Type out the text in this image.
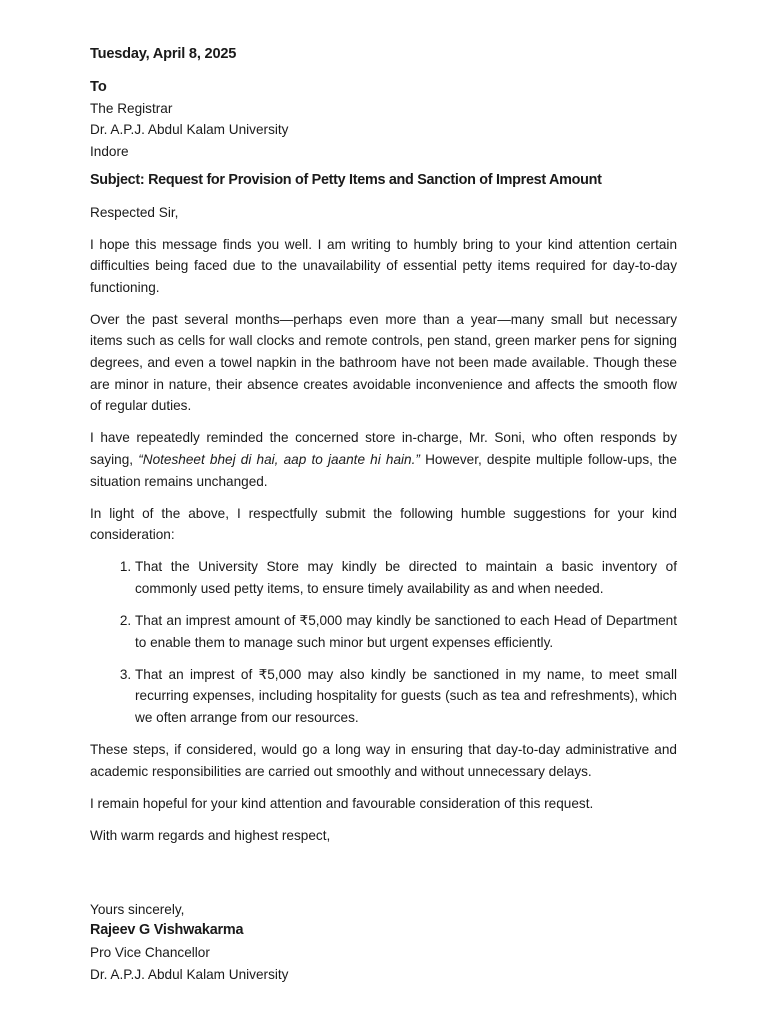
Tuesday, April 8, 2025
To

The Registrar

Dr. A.P.J. Abdul Kalam University

Indore

Subject: Request for Provision of Petty Items and Sanction of Imprest Amount
Respected Sir,

I hope this message finds you well. I am writing to humbly bring to your kind attention certain difficulties being faced due to the unavailability of essential petty items required for day-to-day functioning.

Over the past several months—perhaps even more than a year—many small but necessary items such as cells for wall clocks and remote controls, pen stand, green marker pens for signing degrees, and even a towel napkin in the bathroom have not been made available. Though these are minor in nature, their absence creates avoidable inconvenience and affects the smooth flow of regular duties.

I have repeatedly reminded the concerned store in-charge, Mr. Soni, who often responds by saying, “Notesheet bhej di hai, aap to jaante hi hain.” However, despite multiple follow-ups, the situation remains unchanged.

In light of the above, I respectfully submit the following humble suggestions for your kind consideration:

1. That the University Store may kindly be directed to maintain a basic inventory of commonly used petty items, to ensure timely availability as and when needed.
2. That an imprest amount of ₹5,000 may kindly be sanctioned to each Head of Department to enable them to manage such minor but urgent expenses efficiently.
3. That an imprest of ₹5,000 may also kindly be sanctioned in my name, to meet small recurring expenses, including hospitality for guests (such as tea and refreshments), which we often arrange from our resources.

These steps, if considered, would go a long way in ensuring that day-to-day administrative and academic responsibilities are carried out smoothly and without unnecessary delays.

I remain hopeful for your kind attention and favourable consideration of this request.

With warm regards and highest respect,

Yours sincerely,

Rajeev G Vishwakarma

Pro Vice Chancellor

Dr. A.P.J. Abdul Kalam University
